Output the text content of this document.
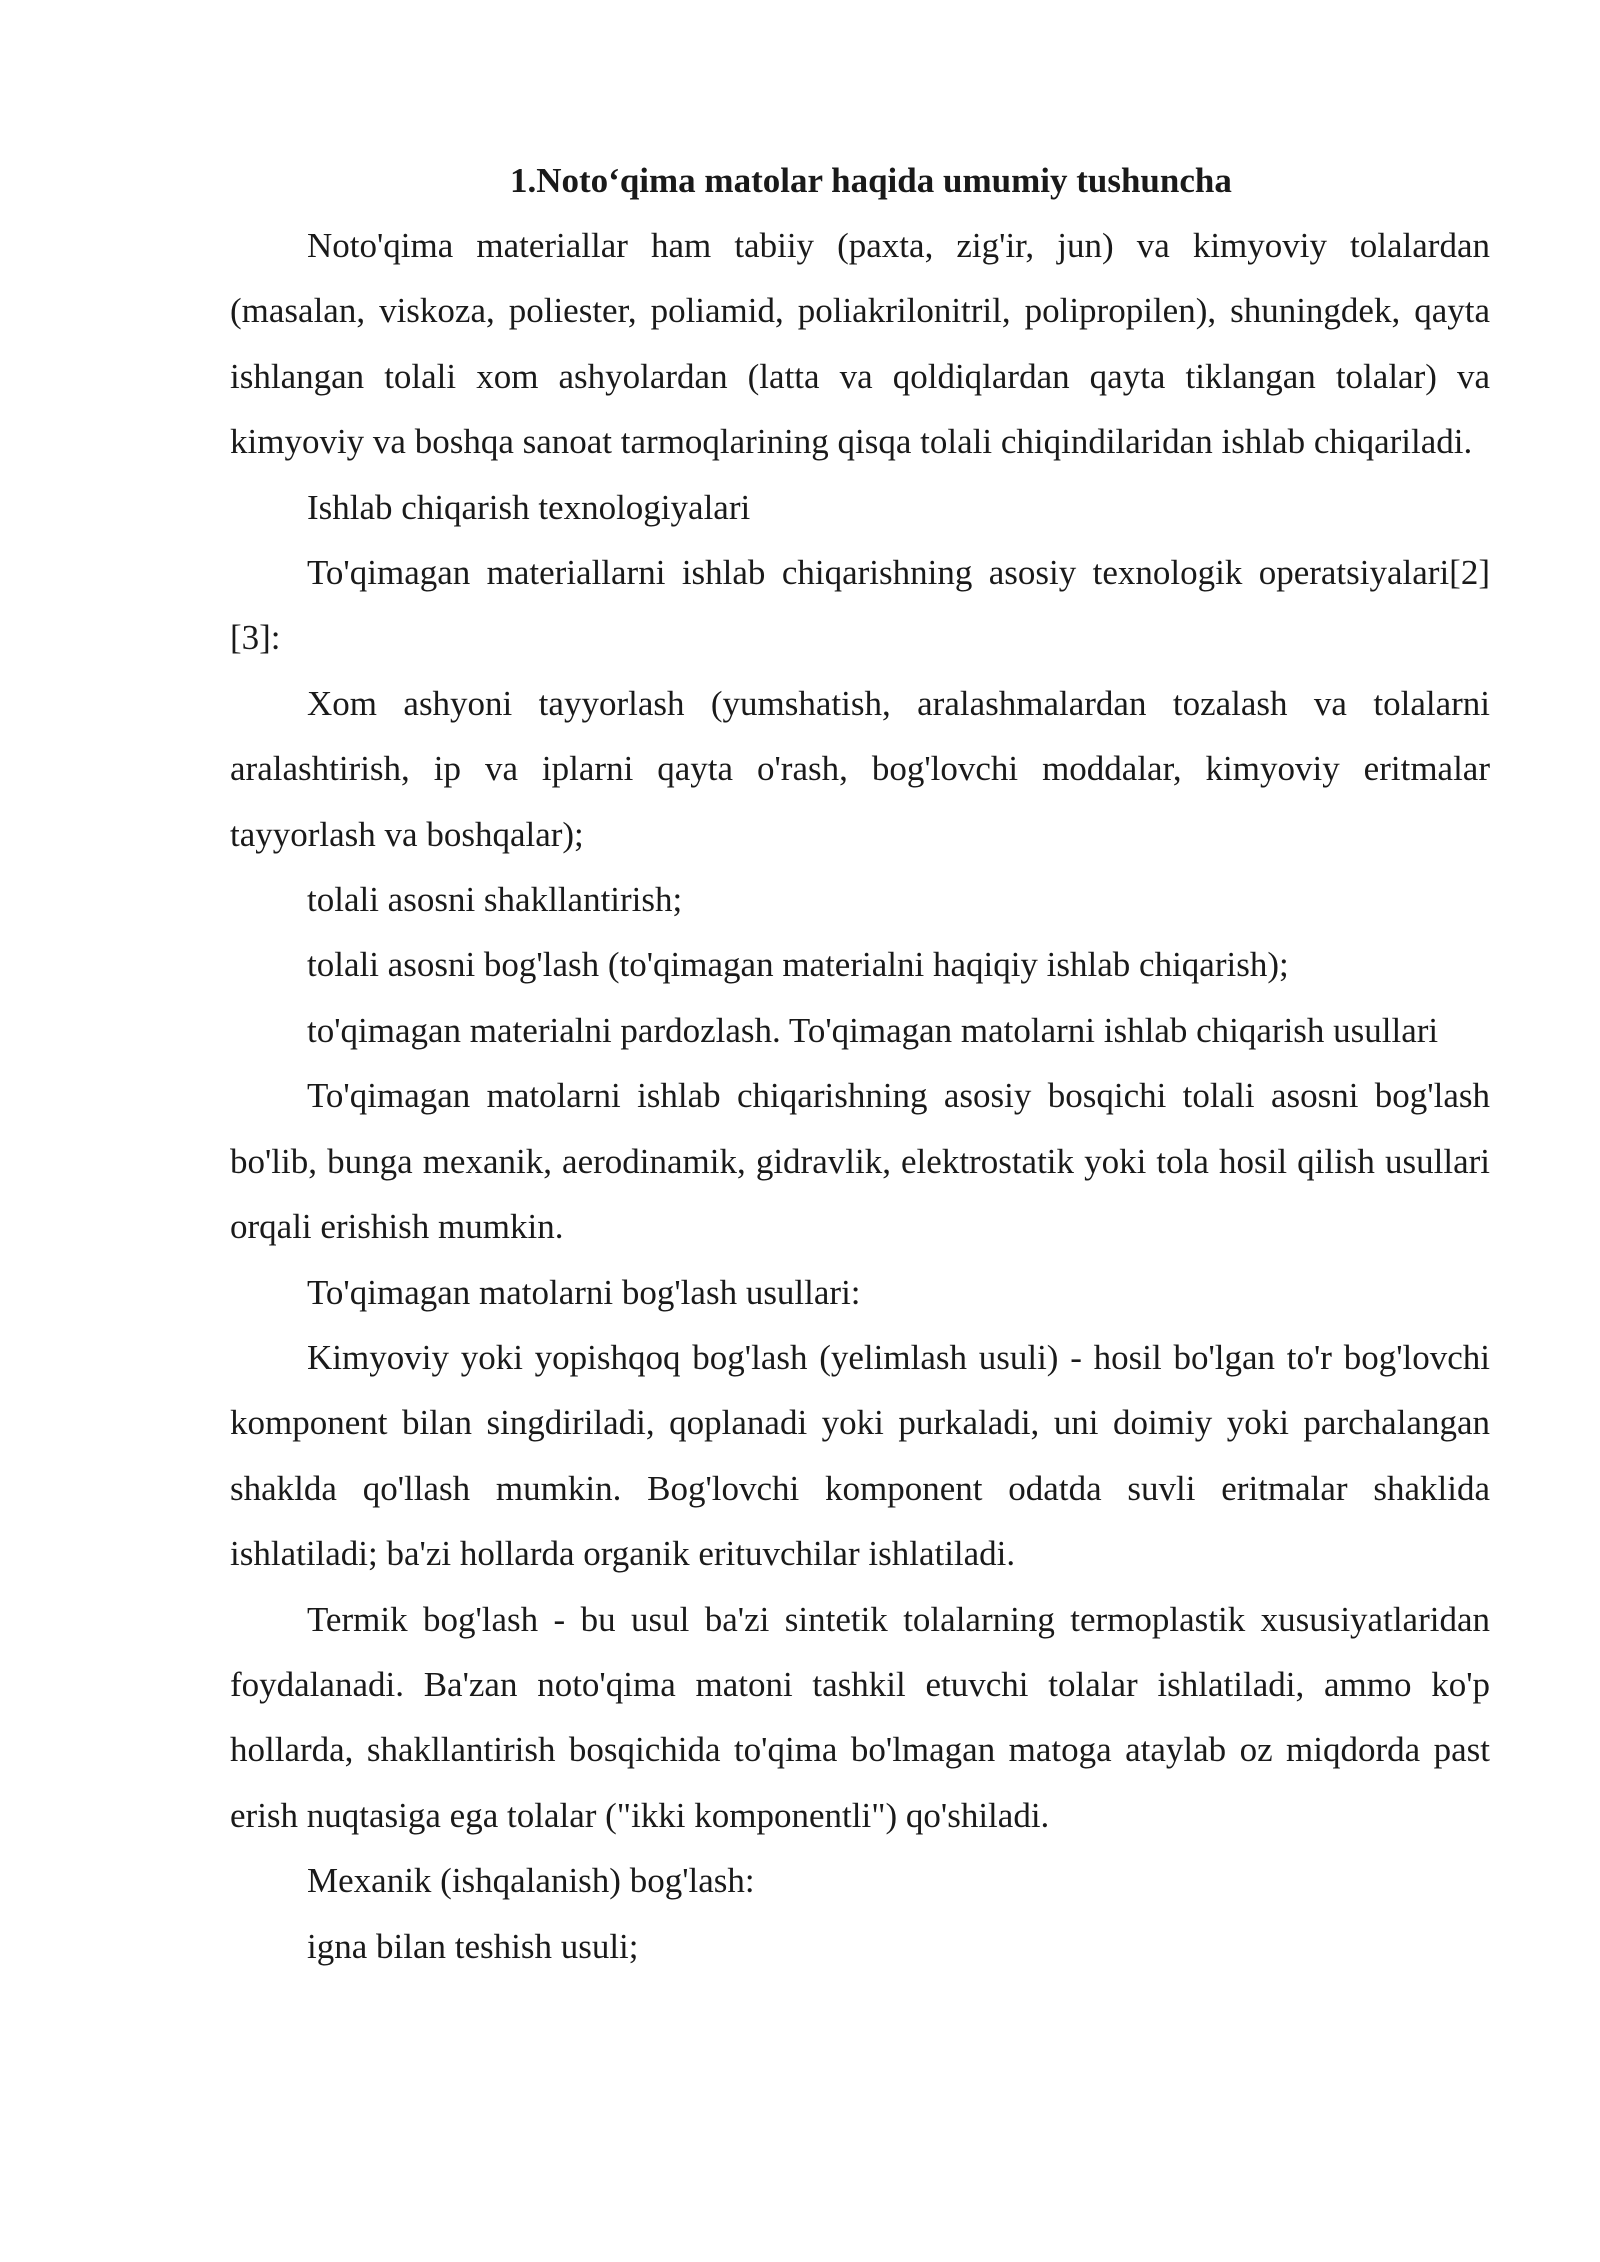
1.Noto‘qima matolar haqida umumiy tushuncha

Noto'qima materiallar ham tabiiy (paxta, zig'ir, jun) va kimyoviy tolalardan (masalan, viskoza, poliester, poliamid, poliakrilonitril, polipropilen), shuningdek, qayta ishlangan tolali xom ashyolardan (latta va qoldiqlardan qayta tiklangan tolalar) va kimyoviy va boshqa sanoat tarmoqlarining qisqa tolali chiqindilaridan ishlab chiqariladi.

Ishlab chiqarish texnologiyalari

To'qimagan materiallarni ishlab chiqarishning asosiy texnologik operatsiyalari[2][3]:

Xom ashyoni tayyorlash (yumshatish, aralashmalardan tozalash va tolalarni aralashtirish, ip va iplarni qayta o'rash, bog'lovchi moddalar, kimyoviy eritmalar tayyorlash va boshqalar);

tolali asosni shakllantirish;

tolali asosni bog'lash (to'qimagan materialni haqiqiy ishlab chiqarish);

to'qimagan materialni pardozlash. To'qimagan matolarni ishlab chiqarish usullari

To'qimagan matolarni ishlab chiqarishning asosiy bosqichi tolali asosni bog'lash bo'lib, bunga mexanik, aerodinamik, gidravlik, elektrostatik yoki tola hosil qilish usullari orqali erishish mumkin.

To'qimagan matolarni bog'lash usullari:

Kimyoviy yoki yopishqoq bog'lash (yelimlash usuli) - hosil bo'lgan to'r bog'lovchi komponent bilan singdiriladi, qoplanadi yoki purkaladi, uni doimiy yoki parchalangan shaklda qo'llash mumkin. Bog'lovchi komponent odatda suvli eritmalar shaklida ishlatiladi; ba'zi hollarda organik erituvchilar ishlatiladi.

Termik bog'lash - bu usul ba'zi sintetik tolalarning termoplastik xususiyatlaridan foydalanadi. Ba'zan noto'qima matoni tashkil etuvchi tolalar ishlatiladi, ammo ko'p hollarda, shakllantirish bosqichida to'qima bo'lmagan matoga ataylab oz miqdorda past erish nuqtasiga ega tolalar ("ikki komponentli") qo'shiladi.

Mexanik (ishqalanish) bog'lash:

igna bilan teshish usuli;
